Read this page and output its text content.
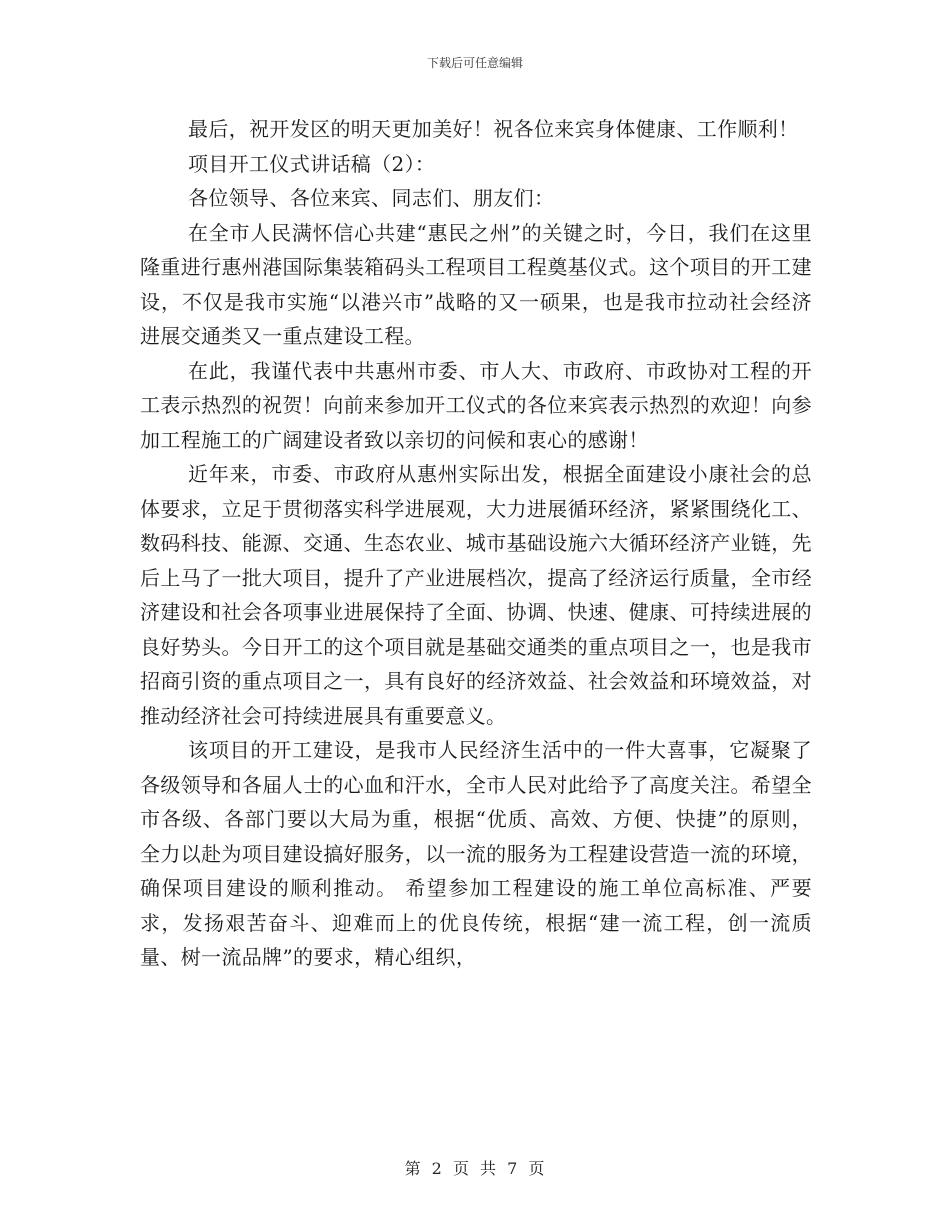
下载后可任意编辑

最后，祝开发区的明天更加美好！祝各位来宾身体健康、工作顺利！

项目开工仪式讲话稿（2）：

各位领导、各位来宾、同志们、朋友们：

在全市人民满怀信心共建“惠民之州”的关键之时，今日，我们在这里隆重进行惠州港国际集装箱码头工程项目工程奠基仪式。这个项目的开工建设，不仅是我市实施“以港兴市”战略的又一硕果，也是我市拉动社会经济进展交通类又一重点建设工程。

在此，我谨代表中共惠州市委、市人大、市政府、市政协对工程的开工表示热烈的祝贺！向前来参加开工仪式的各位来宾表示热烈的欢迎！向参加工程施工的广阔建设者致以亲切的问候和衷心的感谢！

近年来，市委、市政府从惠州实际出发，根据全面建设小康社会的总体要求，立足于贯彻落实科学进展观，大力进展循环经济，紧紧围绕化工、数码科技、能源、交通、生态农业、城市基础设施六大循环经济产业链，先后上马了一批大项目，提升了产业进展档次，提高了经济运行质量，全市经济建设和社会各项事业进展保持了全面、协调、快速、健康、可持续进展的良好势头。今日开工的这个项目就是基础交通类的重点项目之一，也是我市招商引资的重点项目之一，具有良好的经济效益、社会效益和环境效益，对推动经济社会可持续进展具有重要意义。

该项目的开工建设，是我市人民经济生活中的一件大喜事，它凝聚了各级领导和各届人士的心血和汗水，全市人民对此给予了高度关注。希望全市各级、各部门要以大局为重，根据“优质、高效、方便、快捷”的原则，全力以赴为项目建设搞好服务，以一流的服务为工程建设营造一流的环境，确保项目建设的顺利推动。 希望参加工程建设的施工单位高标准、严要求，发扬艰苦奋斗、迎难而上的优良传统，根据“建一流工程，创一流质量、树一流品牌”的要求，精心组织，

第 2 页 共 7 页
